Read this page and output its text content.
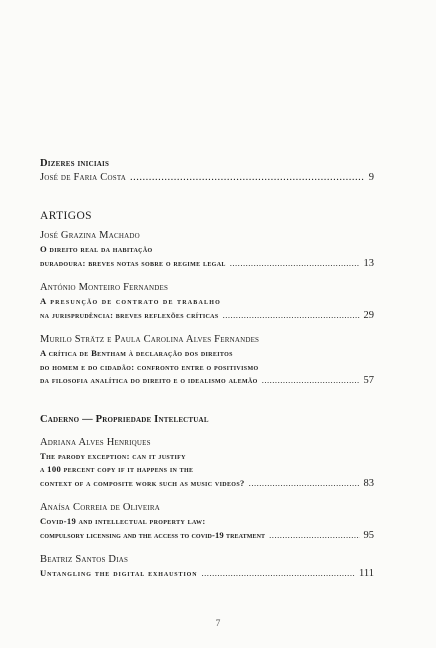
Dizeres iniciais
José de Faria Costa .....	9
ARTIGOS
José Grazina Machado
O direito real da habitação
duradoura: breves notas sobre o regime legal .....	13
António Monteiro Fernandes
A presunção de contrato de trabalho
na jurisprudência: breves reflexões críticas .....	29
Murilo Strätz e Paula Carolina Alves Fernandes
A crítica de Bentham à declaração dos direitos
do homem e do cidadão: confronto entre o positivismo
da filosofia analítica do direito e o idealismo alemão .....	57
Caderno — Propriedade Intelectual
Adriana Alves Henriques
The parody exception: can it justify
a 100 percent copy if it happens in the
context of a composite work such as music videos? .....	83
Anaísa Correia de Oliveira
Covid-19 and intellectual property law:
compulsory licensing and the access to covid-19 treatment .....	95
Beatriz Santos Dias
Untangling the digital exhaustion .....	111
7
